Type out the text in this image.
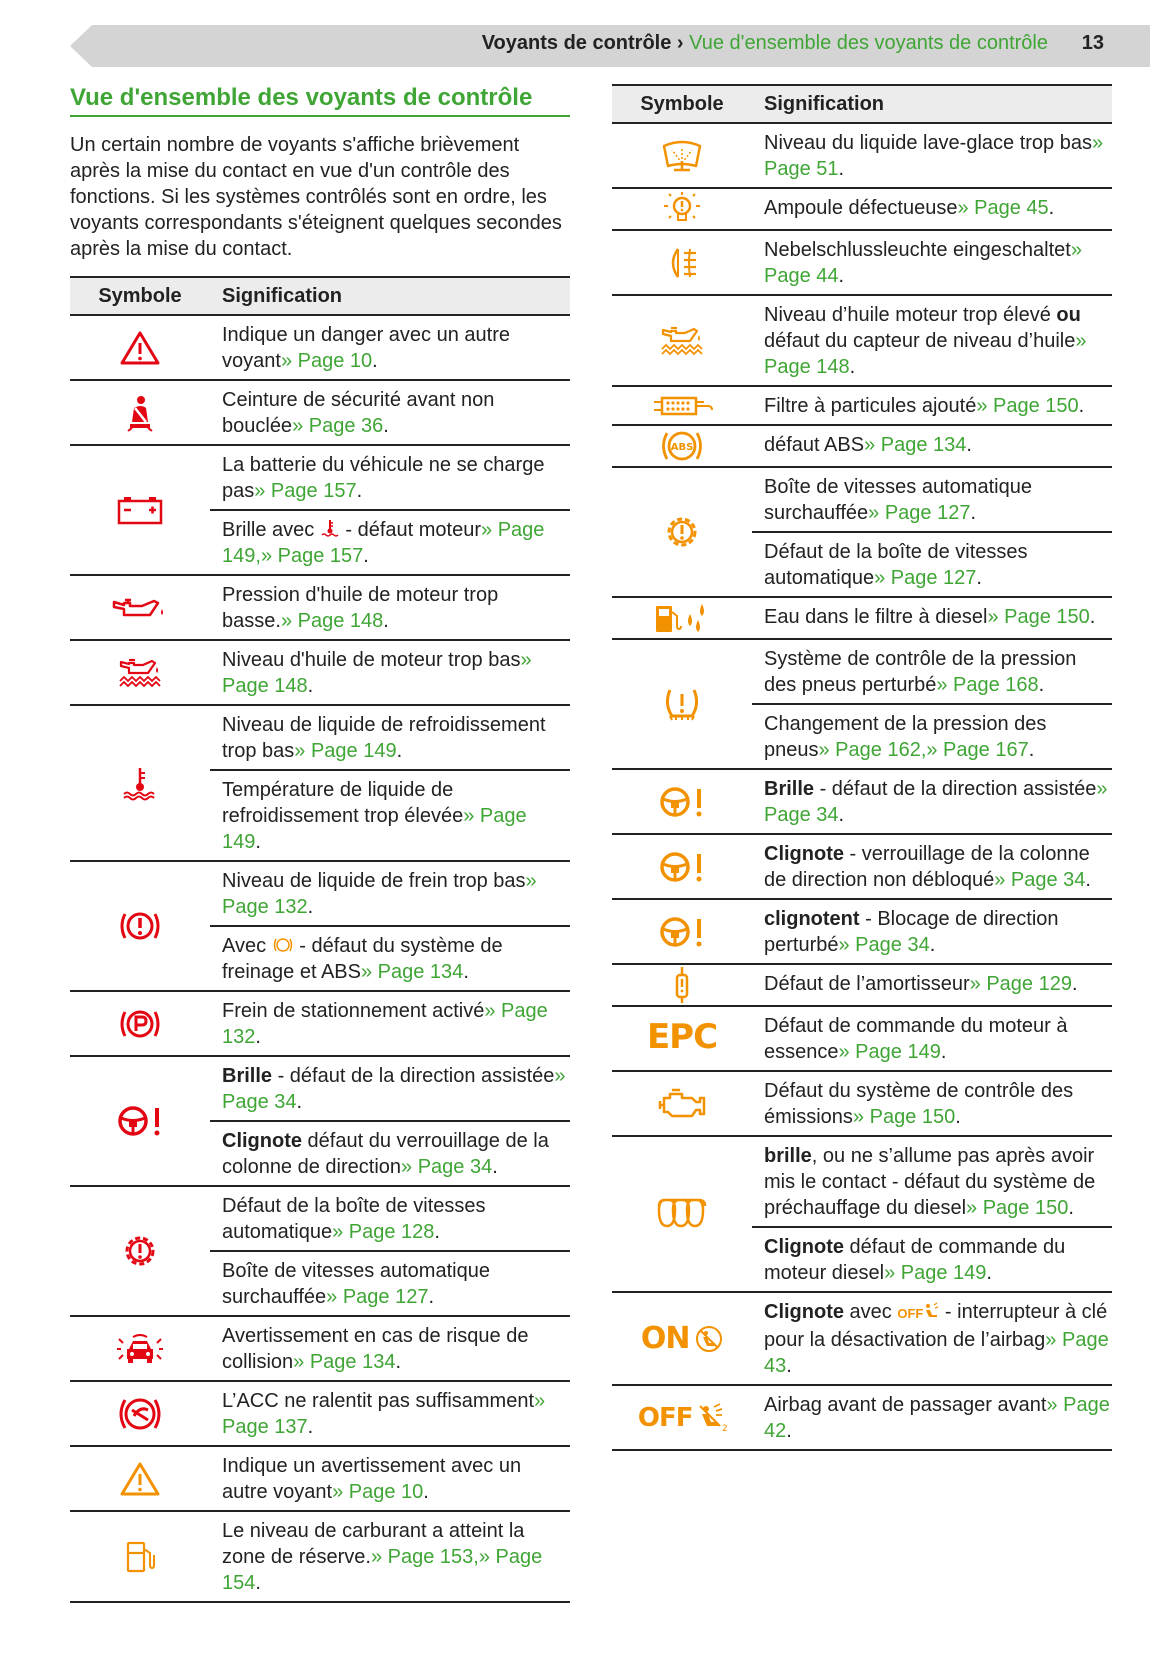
Voyants de contrôle › Vue d'ensemble des voyants de contrôle 13
Vue d'ensemble des voyants de contrôle
Un certain nombre de voyants s'affiche brièvement après la mise du contact en vue d'un contrôle des fonctions. Si les systèmes contrôlés sont en ordre, les voyants correspondants s'éteignent quelques secondes après la mise du contact.
Symbole	Signification

	Indique un danger avec un autre voyant» Page 10.

	Ceinture de sécurité avant non bouclée» Page 36.

	La batterie du véhicule ne se charge pas» Page 157.
	Brille avec  - défaut moteur» Page 149,» Page 157.

	Pression d'huile de moteur trop basse.» Page 148.

	Niveau d'huile de moteur trop bas» Page 148.

	Niveau de liquide de refroidissement trop bas» Page 149.
	Température de liquide de refroidissement trop élevée» Page 149.

	Niveau de liquide de frein trop bas» Page 132.
	Avec  - défaut du système de freinage et ABS» Page 134.

	Frein de stationnement activé» Page 132.

	Brille - défaut de la direction assistée» Page 34.
	Clignote défaut du verrouillage de la colonne de direction» Page 34.

	Défaut de la boîte de vitesses automatique» Page 128.
	Boîte de vitesses automatique surchauffée» Page 127.

	Avertissement en cas de risque de collision» Page 134.

	L’ACC ne ralentit pas suffisamment» Page 137.

	Indique un avertissement avec un autre voyant» Page 10.

	Le niveau de carburant a atteint la zone de réserve.» Page 153,» Page 154.
Symbole	Signification

	Niveau du liquide lave-glace trop bas» Page 51.

	Ampoule défectueuse» Page 45.

	Nebelschlussleuchte eingeschaltet» Page 44.

	Niveau d’huile moteur trop élevé ou défaut du capteur de niveau d’huile» Page 148.

	Filtre à particules ajouté» Page 150.

ABS	défaut ABS» Page 134.

	Boîte de vitesses automatique surchauffée» Page 127.
	Défaut de la boîte de vitesses automatique» Page 127.

	Eau dans le filtre à diesel» Page 150.

	Système de contrôle de la pression des pneus perturbé» Page 168.
	Changement de la pression des pneus» Page 162,» Page 167.

	Brille - défaut de la direction assistée» Page 34.

	Clignote - verrouillage de la colonne de direction non débloqué» Page 34.

	clignotent - Blocage de direction perturbé» Page 34.

	Défaut de l’amortisseur» Page 129.
EPC	Défaut de commande du moteur à essence» Page 149.

	Défaut du système de contrôle des émissions» Page 150.

	brille, ou ne s’allume pas après avoir mis le contact - défaut du système de préchauffage du diesel» Page 150.
	Clignote défaut de commande du moteur diesel» Page 149.
ON	Clignote avec OFF - interrupteur à clé pour la désactivation de l’airbag» Page 43.
OFF 2	Airbag avant de passager avant» Page 42.
